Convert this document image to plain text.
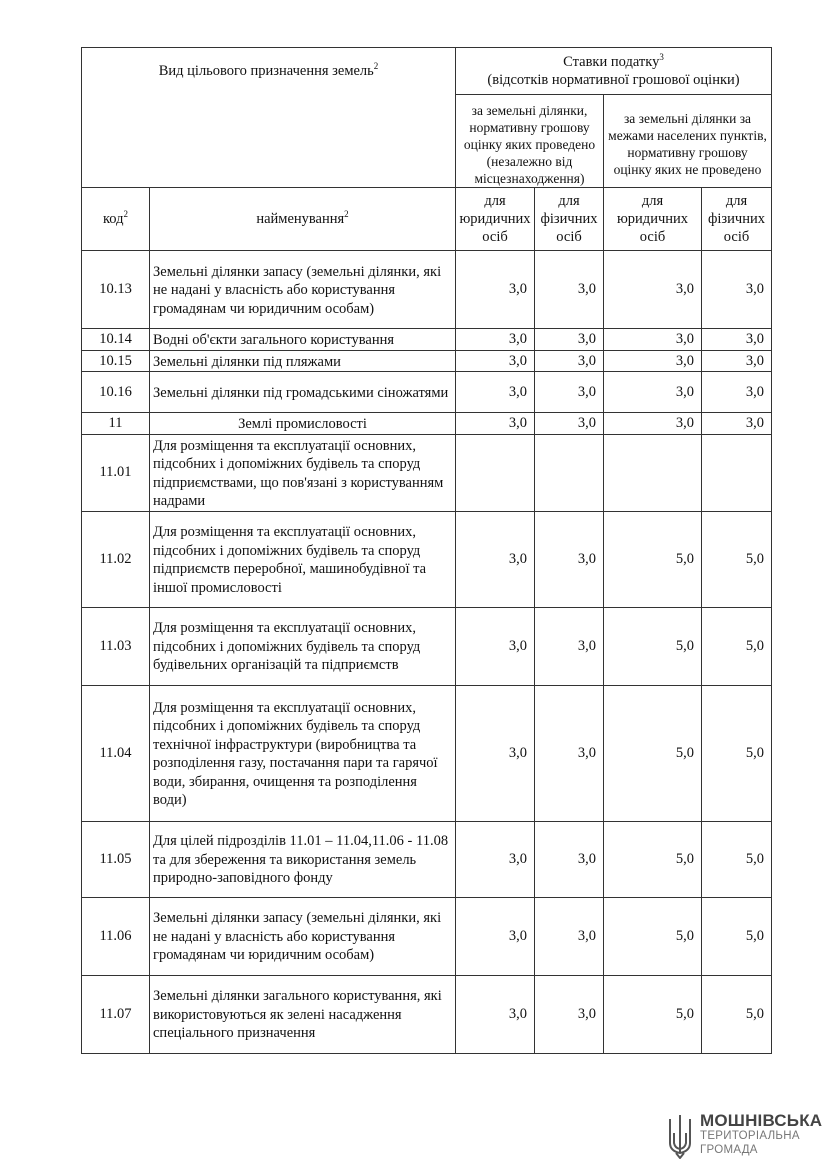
Вид цільового призначення земель$^2$		Ставки податку$^3$
(відсотків нормативної грошової оцінки)			

		за земельні ділянки, нормативну грошову оцінку яких проведено (незалежно від місцезнаходження)		за земельні ділянки за межами населених пунктів, нормативну грошову оцінку яких не проведено	
код$^2$	найменування$^2$	для юридичних осіб	для фізичних осіб	для юридичних осіб	для фізичних осіб
10.13	Земельні ділянки запасу (земельні ділянки, які не надані у власність або користування громадянам чи юридичним особам)	3,0	3,0	3,0	3,0
10.14	Водні об'єкти загального користування	3,0	3,0	3,0	3,0
10.15	Земельні ділянки під пляжами	3,0	3,0	3,0	3,0
10.16	Земельні ділянки під громадськими сіножатями	3,0	3,0	3,0	3,0
11	Землі промисловості	3,0	3,0	3,0	3,0
11.01	Для розміщення та експлуатації основних, підсобних і допоміжних будівель та споруд підприємствами, що пов'язані з користуванням надрами				
11.02	Для розміщення та експлуатації основних, підсобних і допоміжних будівель та споруд підприємств переробної, машинобудівної та іншої промисловості	3,0	3,0	5,0	5,0
11.03	Для розміщення та експлуатації основних, підсобних і допоміжних будівель та споруд будівельних організацій та підприємств	3,0	3,0	5,0	5,0
11.04	Для розміщення та експлуатації основних, підсобних і допоміжних будівель та споруд технічної інфраструктури (виробництва та розподілення газу, постачання пари та гарячої води, збирання, очищення та розподілення води)	3,0	3,0	5,0	5,0
11.05	Для цілей підрозділів 11.01 – 11.04,11.06 - 11.08 та для збереження та використання земель природно-заповідного фонду	3,0	3,0	5,0	5,0
11.06	Земельні ділянки запасу (земельні ділянки, які не надані у власність або користування громадянам чи юридичним особам)	3,0	3,0	5,0	5,0
11.07	Земельні ділянки загального користування, які використовуються як зелені насадження спеціального призначення	3,0	3,0	5,0	5,0
МОШНІВСЬКА
ТЕРИТОРІАЛЬНА
ГРОМАДА
